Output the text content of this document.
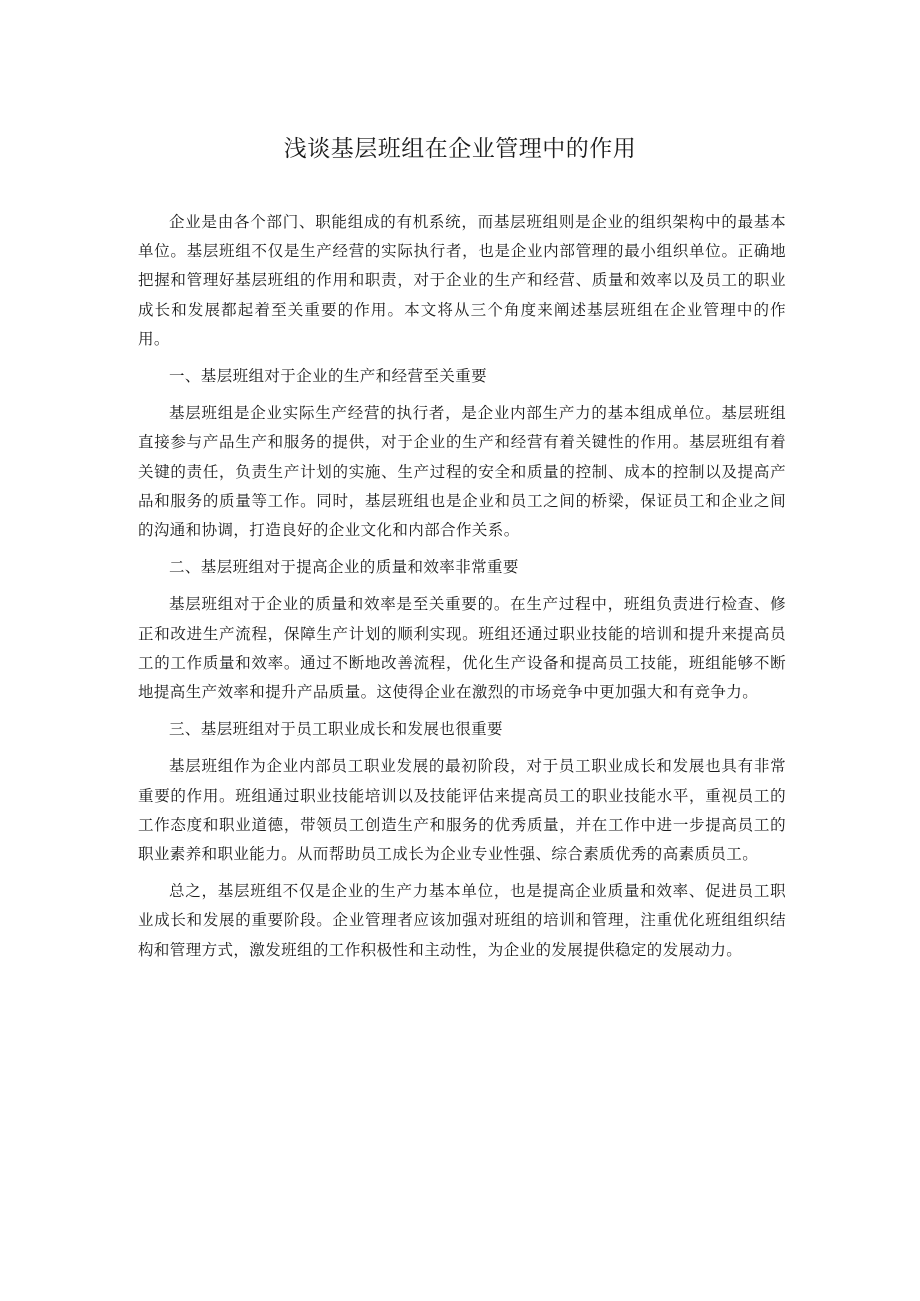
浅谈基层班组在企业管理中的作用

企业是由各个部门、职能组成的有机系统，而基层班组则是企业的组织架构中的最基本单位。基层班组不仅是生产经营的实际执行者，也是企业内部管理的最小组织单位。正确地把握和管理好基层班组的作用和职责，对于企业的生产和经营、质量和效率以及员工的职业成长和发展都起着至关重要的作用。本文将从三个角度来阐述基层班组在企业管理中的作用。

一、基层班组对于企业的生产和经营至关重要

基层班组是企业实际生产经营的执行者，是企业内部生产力的基本组成单位。基层班组直接参与产品生产和服务的提供，对于企业的生产和经营有着关键性的作用。基层班组有着关键的责任，负责生产计划的实施、生产过程的安全和质量的控制、成本的控制以及提高产品和服务的质量等工作。同时，基层班组也是企业和员工之间的桥梁，保证员工和企业之间的沟通和协调，打造良好的企业文化和内部合作关系。

二、基层班组对于提高企业的质量和效率非常重要

基层班组对于企业的质量和效率是至关重要的。在生产过程中，班组负责进行检查、修正和改进生产流程，保障生产计划的顺利实现。班组还通过职业技能的培训和提升来提高员工的工作质量和效率。通过不断地改善流程，优化生产设备和提高员工技能，班组能够不断地提高生产效率和提升产品质量。这使得企业在激烈的市场竞争中更加强大和有竞争力。

三、基层班组对于员工职业成长和发展也很重要

基层班组作为企业内部员工职业发展的最初阶段，对于员工职业成长和发展也具有非常重要的作用。班组通过职业技能培训以及技能评估来提高员工的职业技能水平，重视员工的工作态度和职业道德，带领员工创造生产和服务的优秀质量，并在工作中进一步提高员工的职业素养和职业能力。从而帮助员工成长为企业专业性强、综合素质优秀的高素质员工。

总之，基层班组不仅是企业的生产力基本单位，也是提高企业质量和效率、促进员工职业成长和发展的重要阶段。企业管理者应该加强对班组的培训和管理，注重优化班组组织结构和管理方式，激发班组的工作积极性和主动性，为企业的发展提供稳定的发展动力。
